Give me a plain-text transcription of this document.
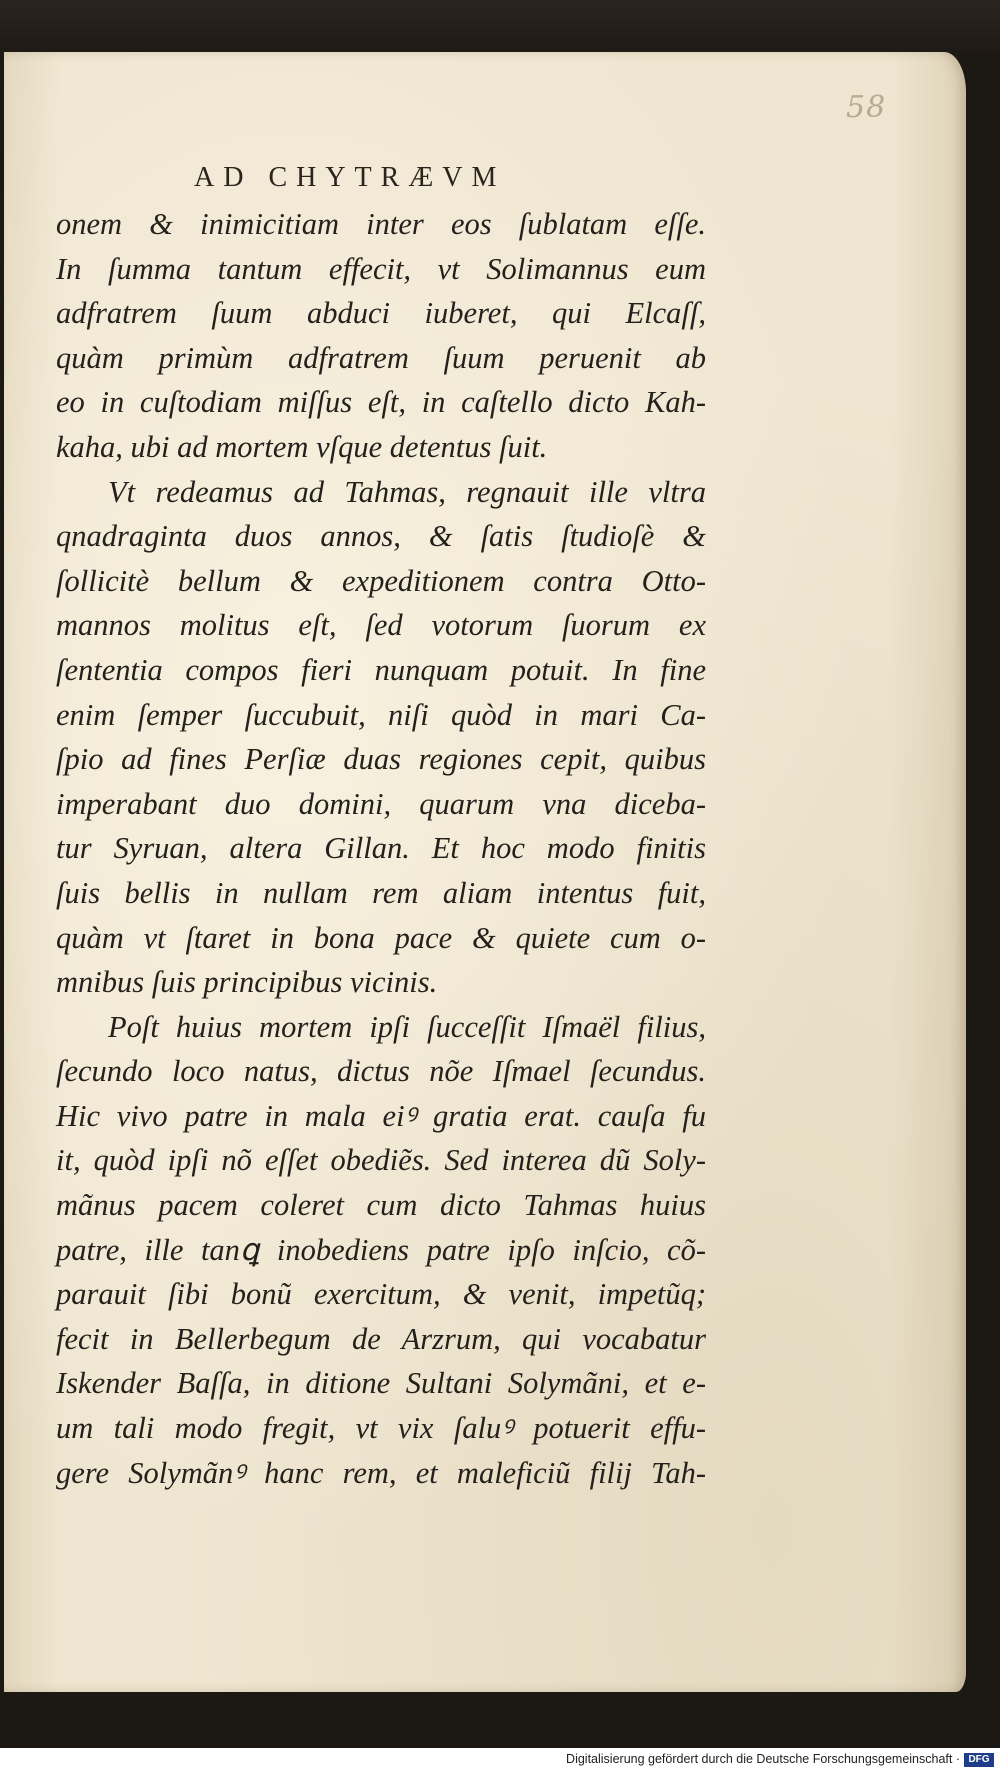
58
AD CHYTRÆVM
onem & inimicitiam inter eos ſublatam eſſe.
In ſumma tantum effecit, vt Solimannus eum
adfratrem ſuum abduci iuberet, qui Elcaſſ,
quàm primùm adfratrem ſuum peruenit ab
eo in cuſtodiam miſſus eſt, in caſtello dicto Kah-
kaha, ubi ad mortem vſque detentus ſuit.
Vt redeamus ad Tahmas, regnauit ille vltra
qnadraginta duos annos, & ſatis ſtudioſè &
ſollicitè bellum & expeditionem contra Otto-
mannos molitus eſt, ſed votorum ſuorum ex
ſententia compos fieri nunquam potuit. In fine
enim ſemper ſuccubuit, niſi quòd in mari Ca-
ſpio ad fines Perſiæ duas regiones cepit, quibus
imperabant duo domini, quarum vna diceba-
tur Syruan, altera Gillan. Et hoc modo finitis
ſuis bellis in nullam rem aliam intentus fuit,
quàm vt ſtaret in bona pace & quiete cum o-
mnibus ſuis principibus vicinis.
Poſt huius mortem ipſi ſucceſſit Iſmaël filius,
ſecundo loco natus, dictus nõe Iſmael ſecundus.
Hic vivo patre in mala eiꝰ gratia erat. cauſa fu
it, quòd ipſi nõ eſſet obediẽs. Sed interea dũ Soly-
mãnus pacem coleret cum dicto Tahmas huius
patre, ille tanꝗ inobediens patre ipſo inſcio, cõ-
parauit ſibi bonũ exercitum, & venit, impetũq;
fecit in Bellerbegum de Arzrum, qui vocabatur
Iskender Baſſa, in ditione Sultani Solymãni, et e-
um tali modo fregit, vt vix ſaluꝰ potuerit effu-
gere Solymãnꝰ hanc rem, et maleficiũ filij Tah-
Digitalisierung gefördert durch die Deutsche Forschungsgemeinschaft · DFG
